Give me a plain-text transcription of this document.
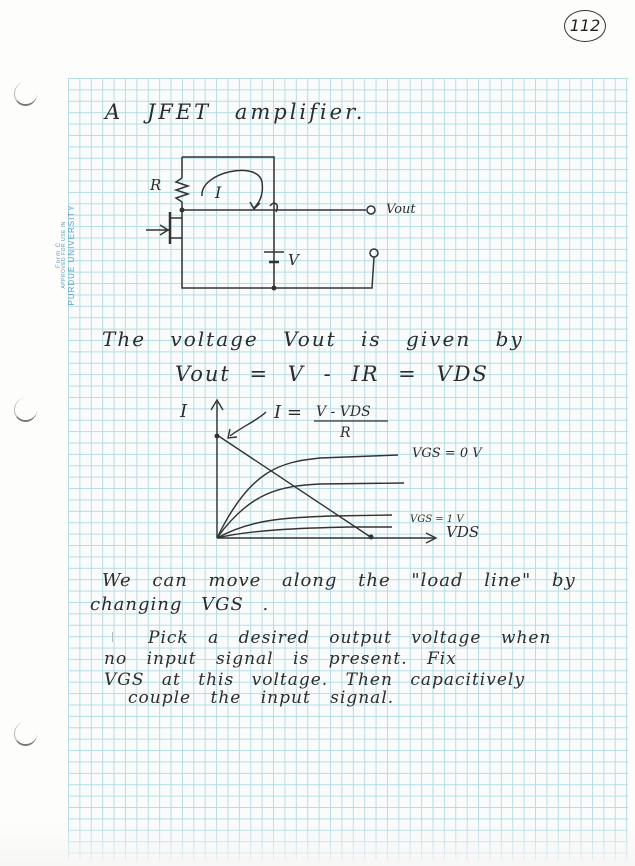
Form C APPROVED FOR USE IN PURDUE UNIVERSITY
112
A JFET amplifier.
R	I
Vout
V
The voltage Vout is given by
Vout = V - IR = VDS
I	I = V - VDS
R
VGS = 0 V
VGS = 1 V
VDS
We can move along the "load line" by
changing VGS .
Pick a desired output voltage when
no input signal is present. Fix
VGS at this voltage. Then capacitively
couple the input signal.
